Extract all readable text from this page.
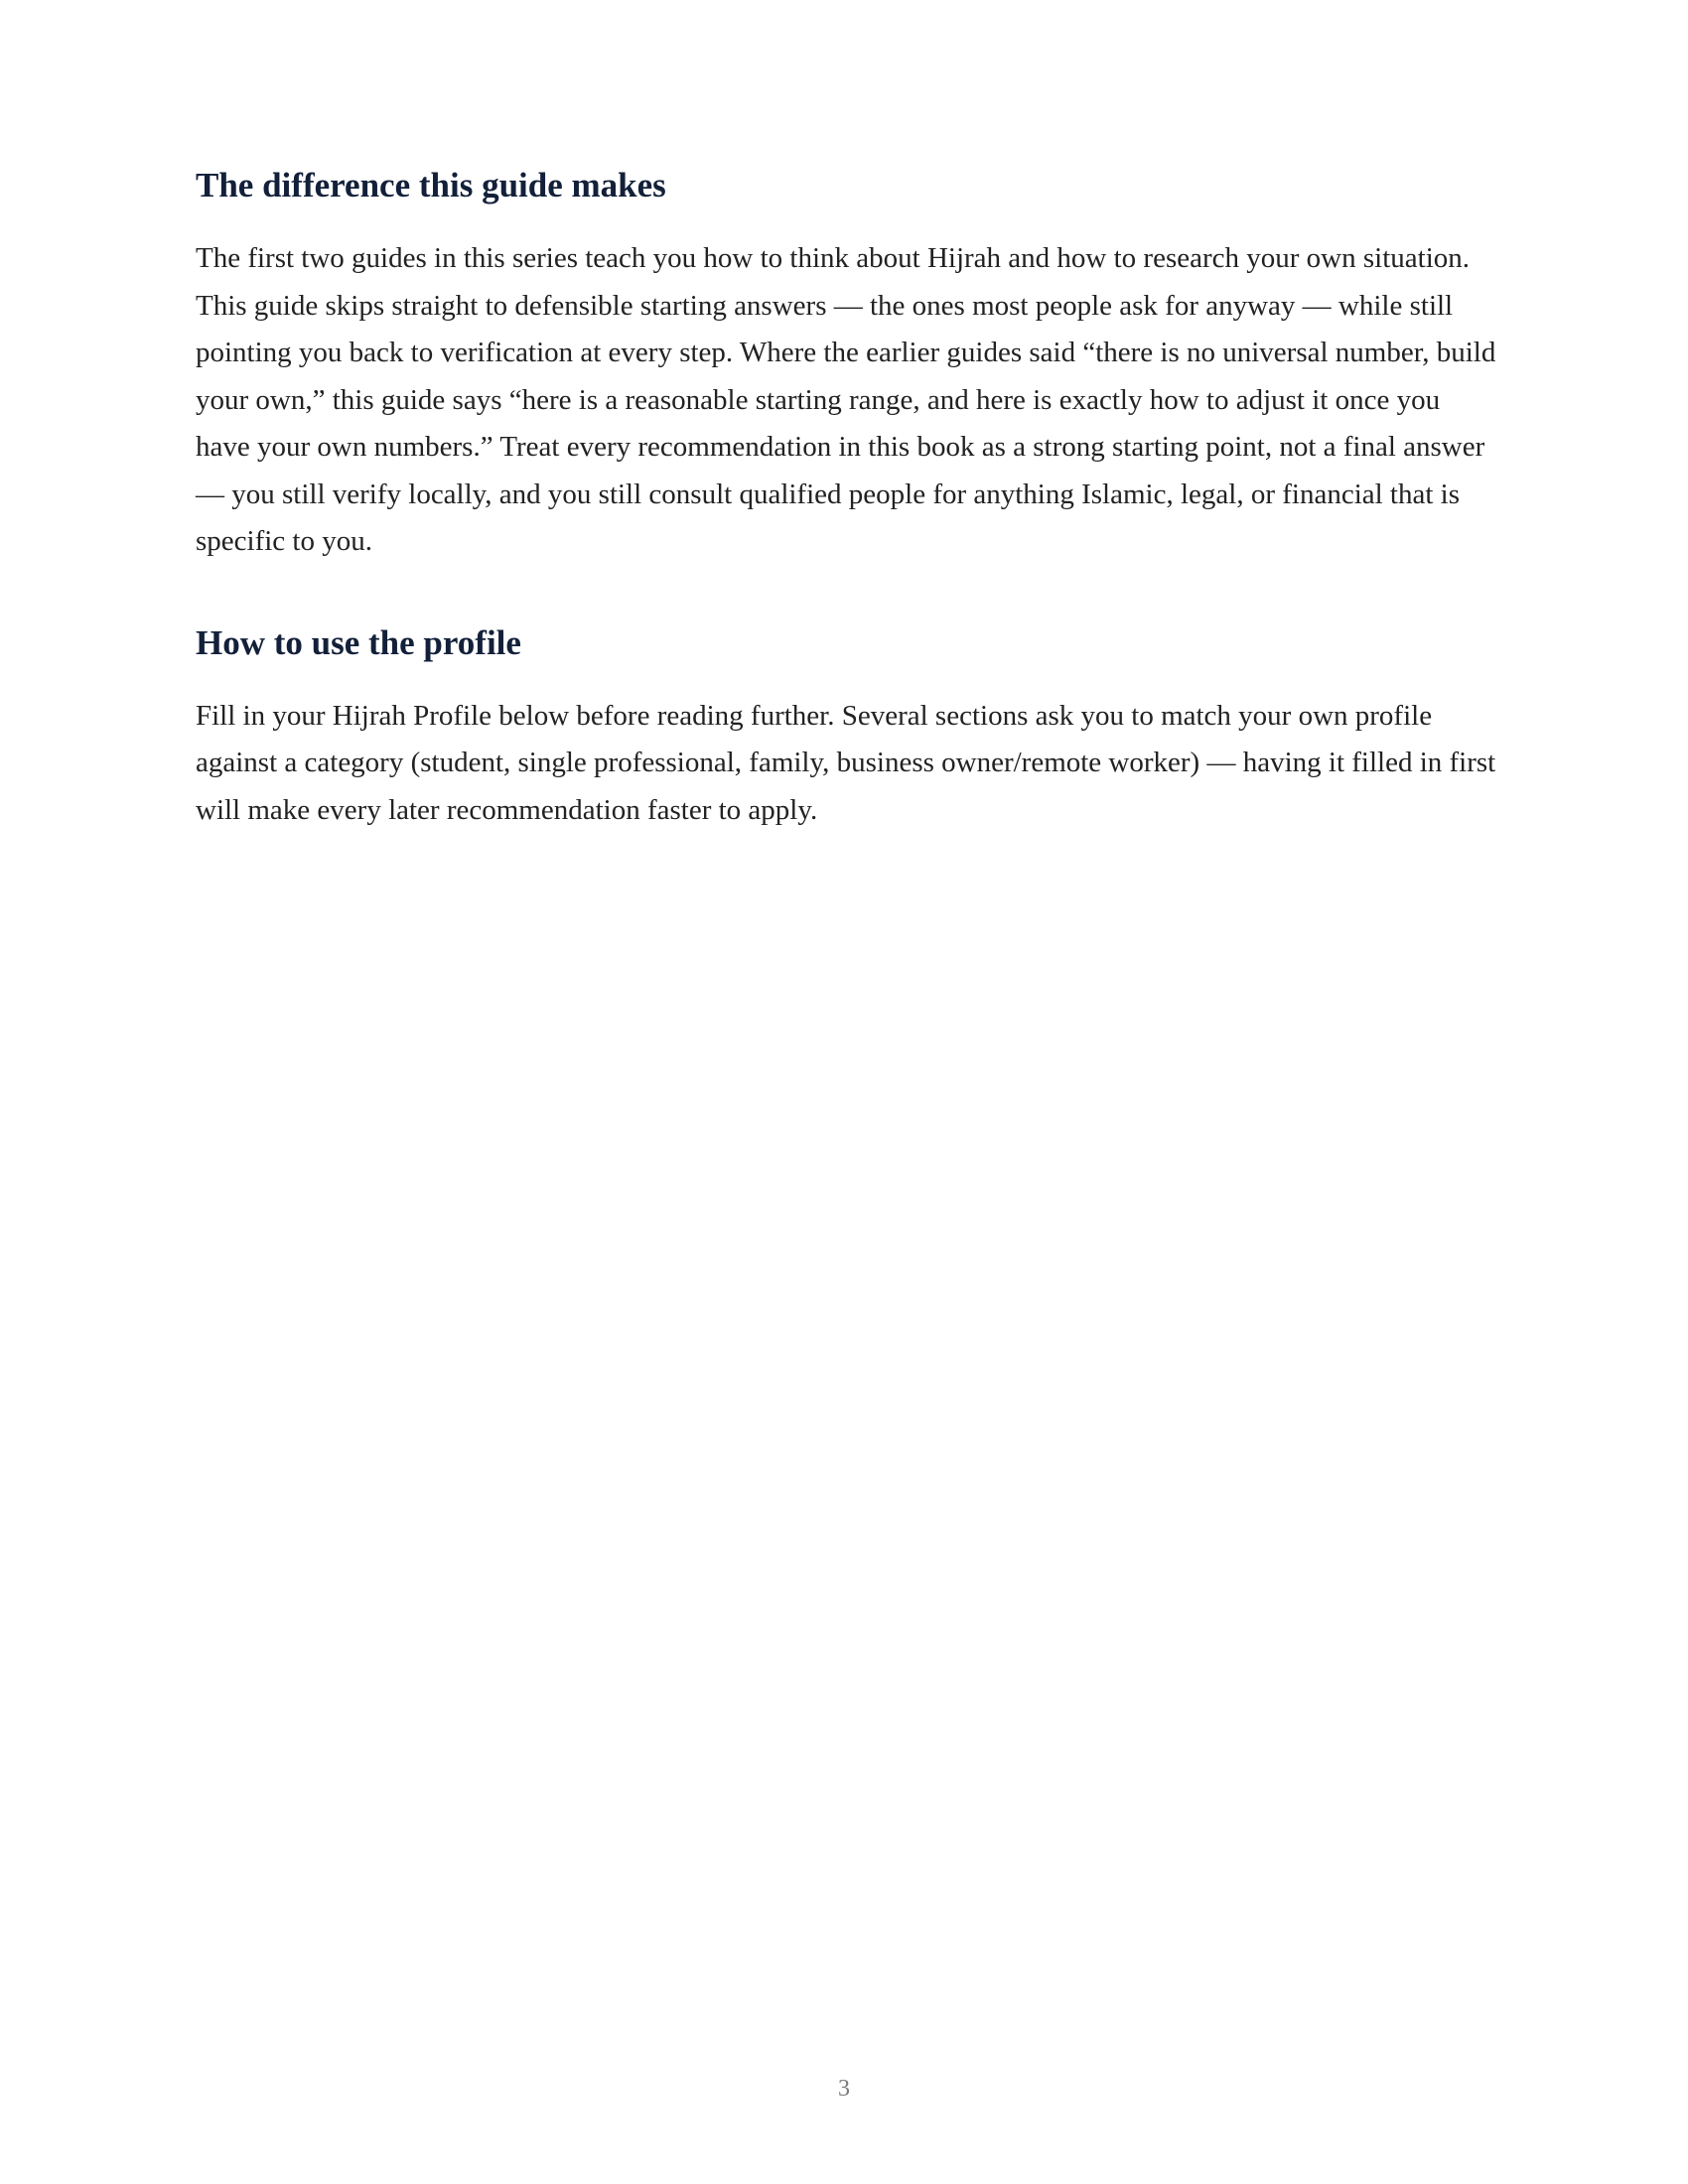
The difference this guide makes

The first two guides in this series teach you how to think about Hijrah and how to research your own situation. This guide skips straight to defensible starting answers — the ones most people ask for anyway — while still pointing you back to verification at every step. Where the earlier guides said “there is no universal number, build your own,” this guide says “here is a reasonable starting range, and here is exactly how to adjust it once you have your own numbers.” Treat every recommendation in this book as a strong starting point, not a final answer — you still verify locally, and you still consult qualified people for anything Islamic, legal, or financial that is specific to you.

How to use the profile

Fill in your Hijrah Profile below before reading further. Several sections ask you to match your own profile against a category (student, single professional, family, business owner/remote worker) — having it filled in first will make every later recommendation faster to apply.

3
